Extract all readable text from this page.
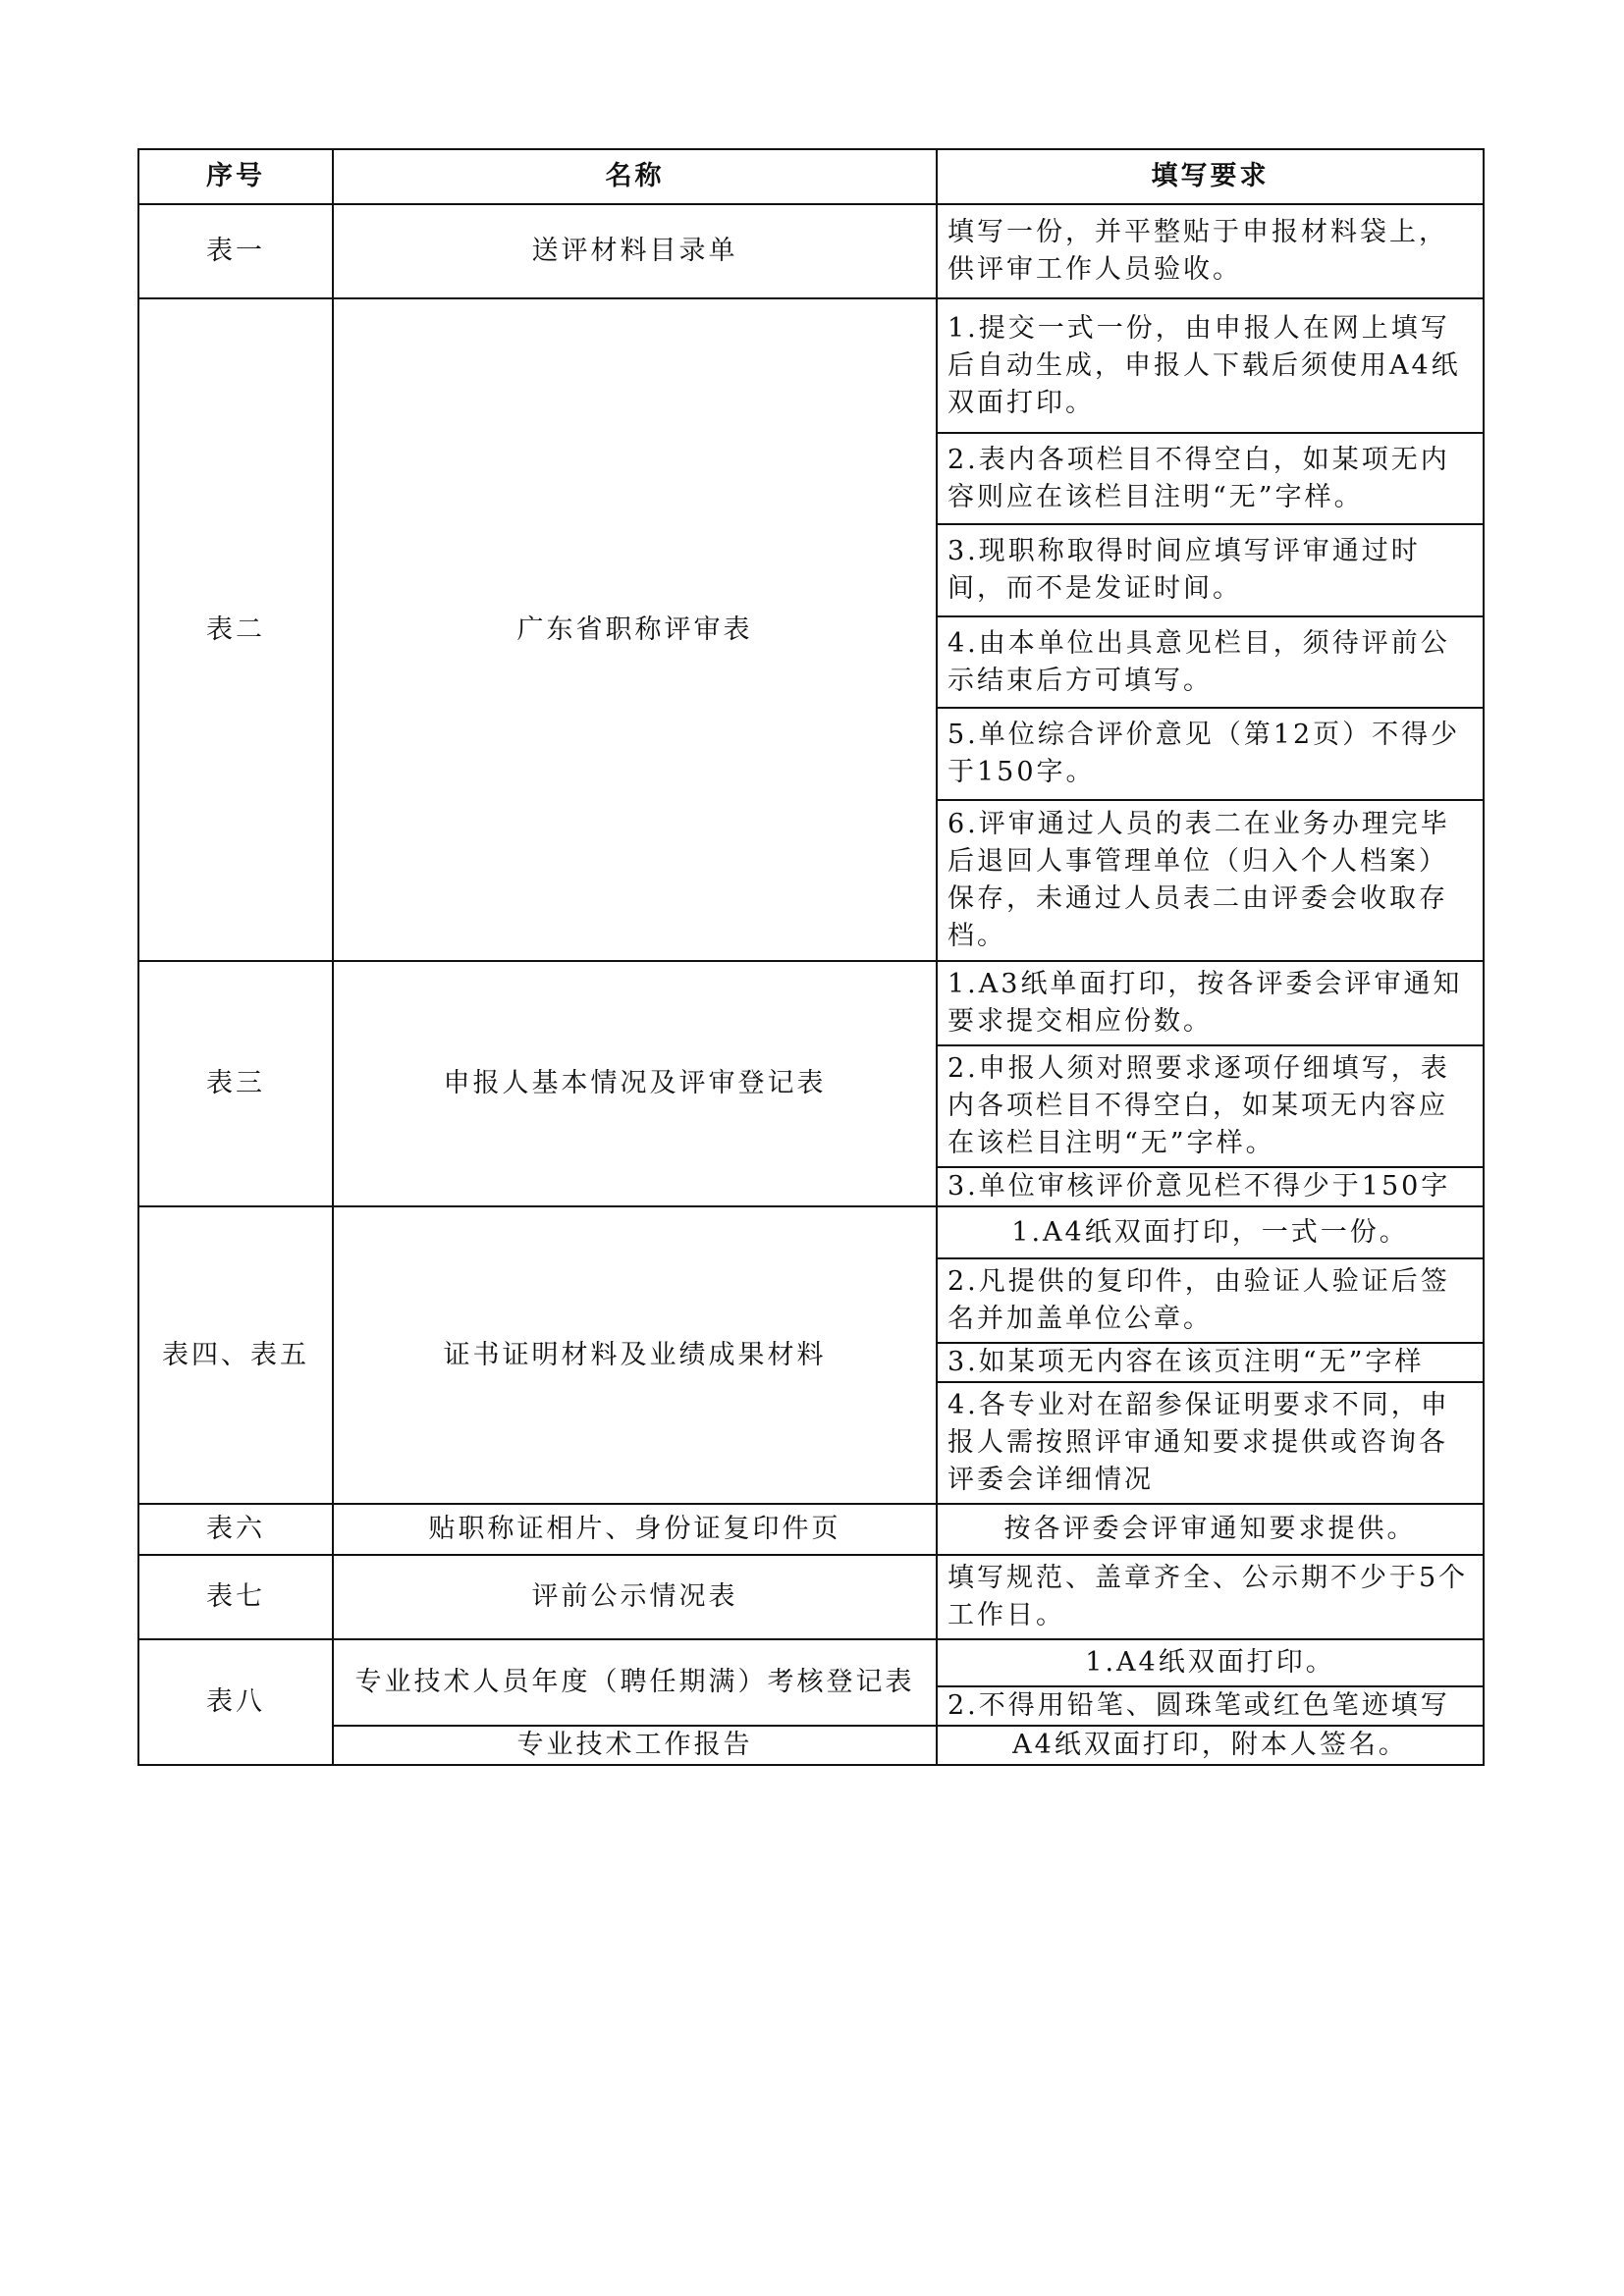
序号	名称	填写要求
表一	送评材料目录单	填写一份，并平整贴于申报材料袋上，供评审工作人员验收。
表二	广东省职称评审表	1.提交一式一份，由申报人在网上填写后自动生成，申报人下载后须使用A4纸双面打印。
		2.表内各项栏目不得空白，如某项无内容则应在该栏目注明“无”字样。
		3.现职称取得时间应填写评审通过时间，而不是发证时间。
		4.由本单位出具意见栏目，须待评前公示结束后方可填写。
		5.单位综合评价意见（第12页）不得少于150字。
		6.评审通过人员的表二在业务办理完毕后退回人事管理单位（归入个人档案）保存，未通过人员表二由评委会收取存档。
表三	申报人基本情况及评审登记表	1.A3纸单面打印，按各评委会评审通知要求提交相应份数。
		2.申报人须对照要求逐项仔细填写，表内各项栏目不得空白，如某项无内容应在该栏目注明“无”字样。
		3.单位审核评价意见栏不得少于150字
表四、表五	证书证明材料及业绩成果材料	1.A4纸双面打印，一式一份。
		2.凡提供的复印件，由验证人验证后签名并加盖单位公章。
		3.如某项无内容在该页注明“无”字样
		4.各专业对在韶参保证明要求不同，申报人需按照评审通知要求提供或咨询各评委会详细情况
表六	贴职称证相片、身份证复印件页	按各评委会评审通知要求提供。
表七	评前公示情况表	填写规范、盖章齐全、公示期不少于5个工作日。
表八	专业技术人员年度（聘任期满）考核登记表	1.A4纸双面打印。
		2.不得用铅笔、圆珠笔或红色笔迹填写
	专业技术工作报告	A4纸双面打印，附本人签名。
